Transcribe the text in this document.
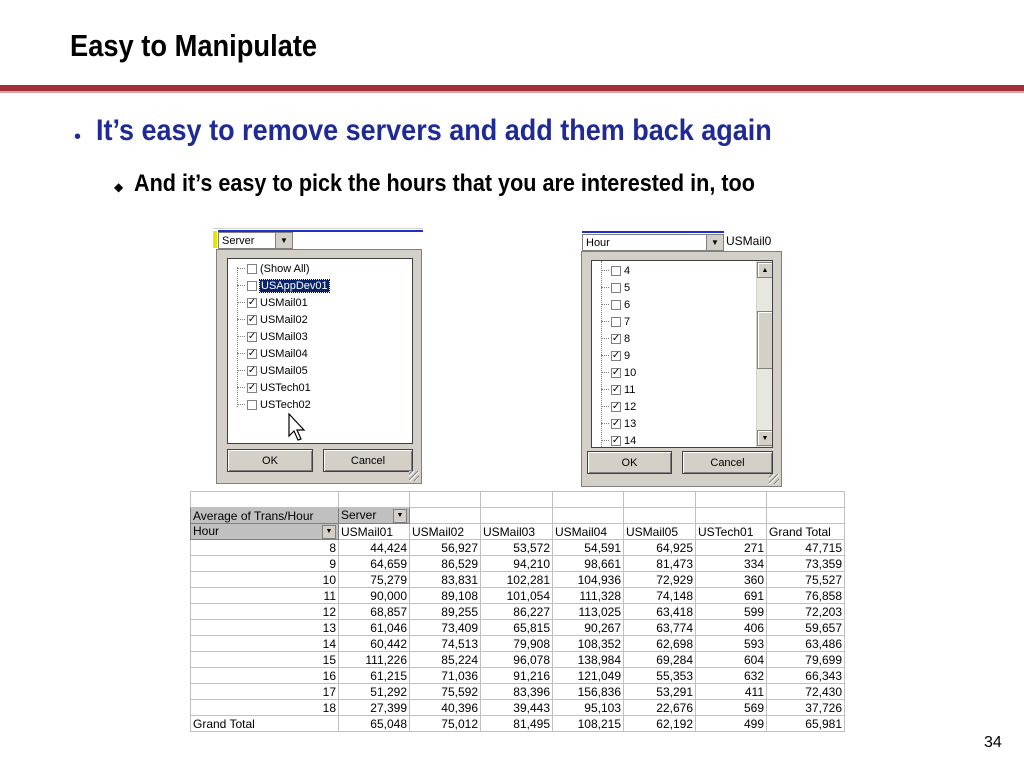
Easy to Manipulate
• It’s easy to remove servers and add them back again
◆ And it’s easy to pick the hours that you are interested in, too
Server	▼
(Show All)
USAppDev01
✓ USMail01
✓ USMail02
✓ USMail03
✓ USMail04
✓ USMail05
✓ USTech01
USTech02
OK	Cancel
Hour	▼ USMail0
4
5
6
7
✓ 8
✓ 9
✓ 10
✓ 11
✓ 12
✓ 13
✓ 14
▲
▼
OK	Cancel

Average of Trans/Hour	Server ▼						

Hour ▼	USMail01	USMail02	USMail03	USMail04	USMail05	USTech01	Grand Total
8	44,424	56,927	53,572	54,591	64,925	271	47,715
9	64,659	86,529	94,210	98,661	81,473	334	73,359
10	75,279	83,831	102,281	104,936	72,929	360	75,527
11	90,000	89,108	101,054	111,328	74,148	691	76,858
12	68,857	89,255	86,227	113,025	63,418	599	72,203
13	61,046	73,409	65,815	90,267	63,774	406	59,657
14	60,442	74,513	79,908	108,352	62,698	593	63,486
15	111,226	85,224	96,078	138,984	69,284	604	79,699
16	61,215	71,036	91,216	121,049	55,353	632	66,343
17	51,292	75,592	83,396	156,836	53,291	411	72,430
18	27,399	40,396	39,443	95,103	22,676	569	37,726
Grand Total	65,048	75,012	81,495	108,215	62,192	499	65,981
34
